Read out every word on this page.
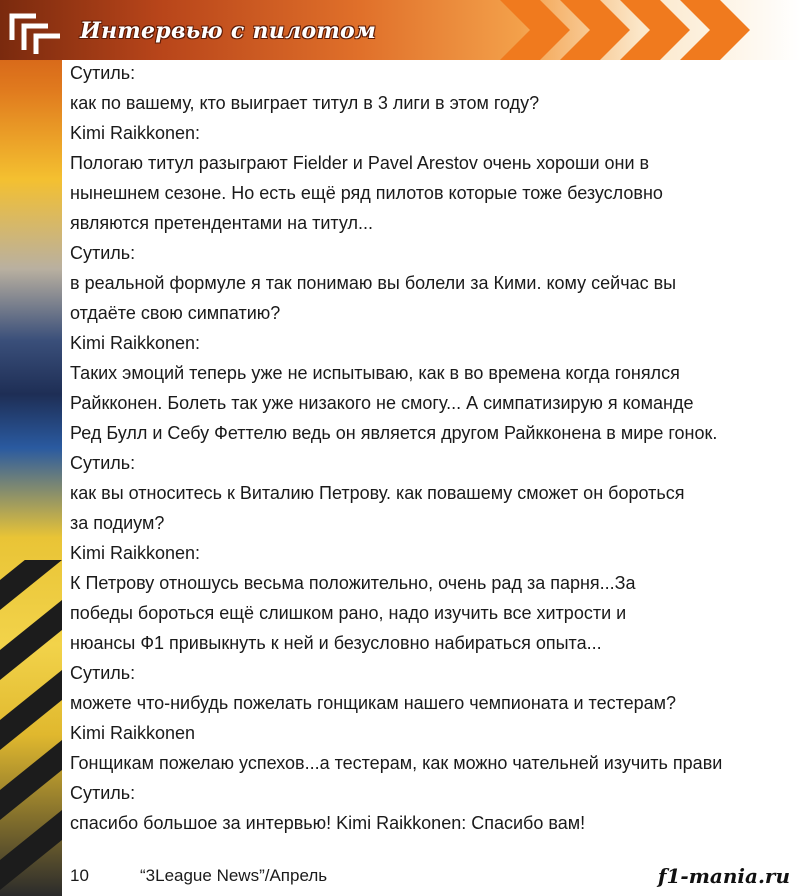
Интервью с пилотом
Сутиль:
как по вашему, кто выиграет титул в 3 лиги в этом году?
Kimi Raikkonen:
Пологаю титул разыграют Fielder и Pavel Arestov очень хороши они в
нынешнем сезоне. Но есть ещё ряд пилотов которые тоже безусловно
являются претендентами на титул...
Сутиль:
в реальной формуле я так понимаю вы болели за Кими. кому сейчас вы
отдаёте свою симпатию?
Kimi Raikkonen:
Таких эмоций теперь уже не испытываю, как в во времена когда гонялся
Райкконен. Болеть так уже низакого не смогу... А симпатизирую я команде
Ред Булл и Себу Феттелю ведь он является другом Райкконена в мире гонок.
Сутиль:
как вы относитесь к Виталию Петрову. как повашему сможет он бороться
за подиум?
Kimi Raikkonen:
К Петрову отношусь весьма положительно, очень рад за парня...За
победы бороться ещё слишком рано, надо изучить все хитрости и
нюансы Ф1 привыкнуть к ней и безусловно набираться опыта...
Сутиль:
можете что-нибудь пожелать гонщикам нашего чемпионата и тестерам?
Kimi Raikkonen
Гонщикам пожелаю успехов...а тестерам, как можно чательней изучить прави
Сутиль:
спасибо большое за интервью! Kimi Raikkonen: Спасибо вам!
10	“3League News”/Апрель	f1-mania.ru
